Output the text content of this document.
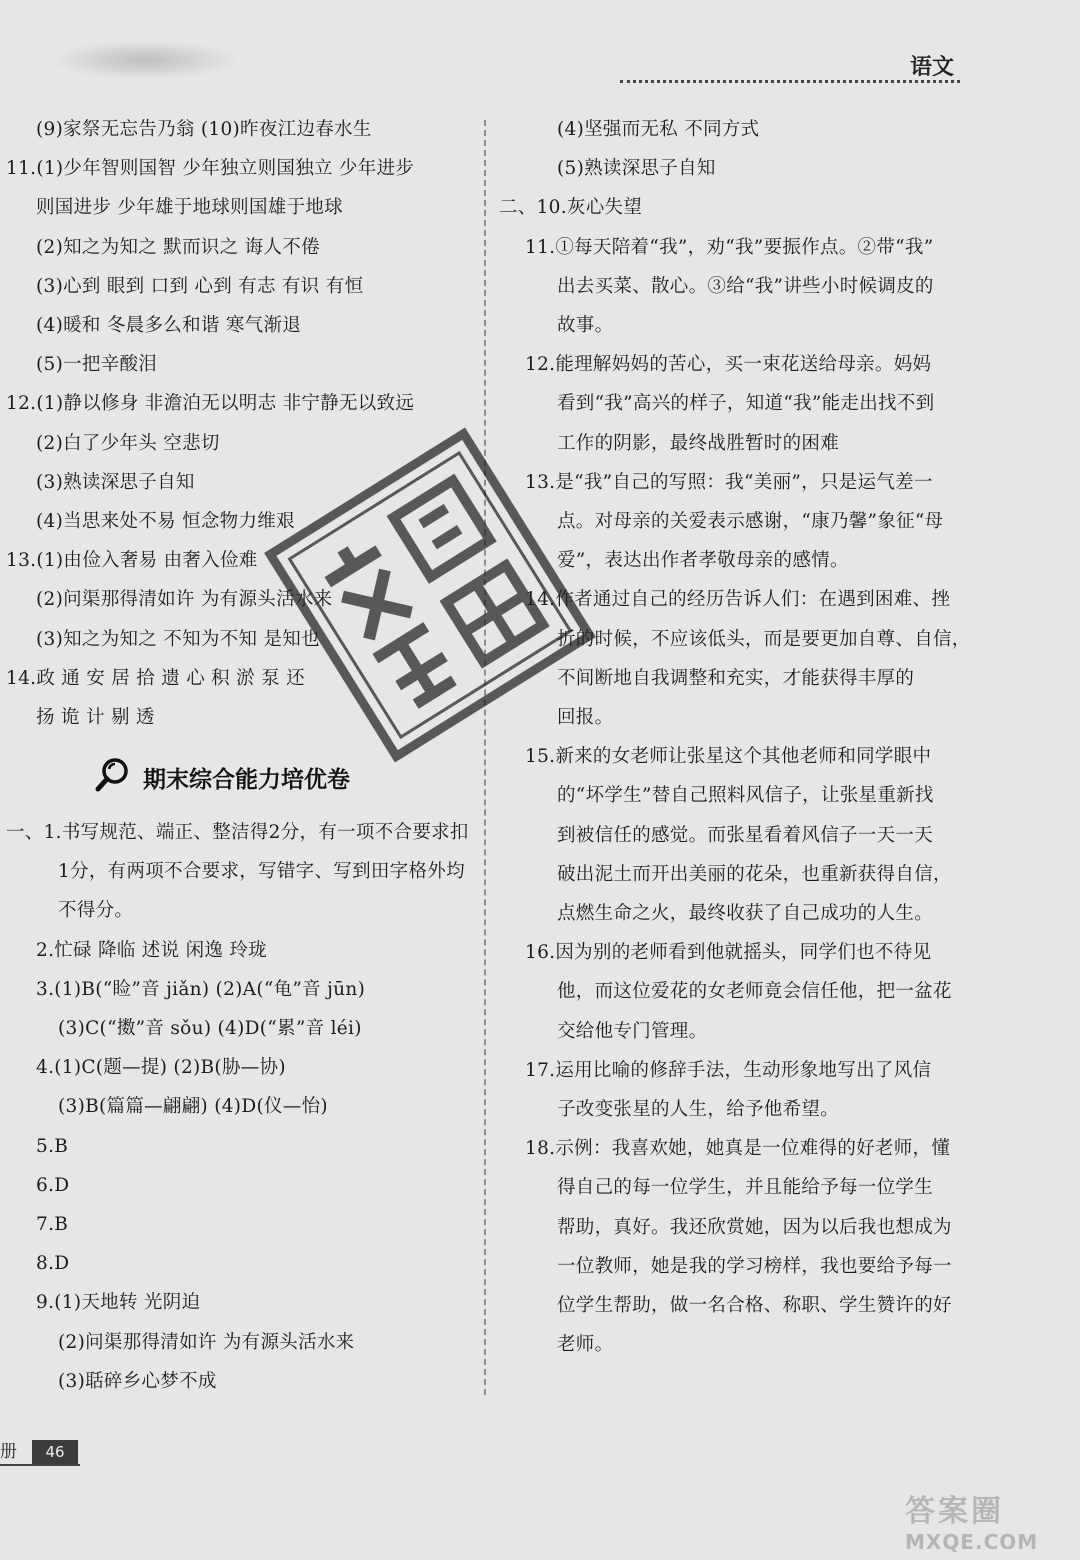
语文
(9)家祭无忘告乃翁 (10)昨夜江边春水生
11.(1)少年智则国智 少年独立则国独立 少年进步
则国进步 少年雄于地球则国雄于地球
(2)知之为知之 默而识之 诲人不倦
(3)心到 眼到 口到 心到 有志 有识 有恒
(4)暖和 冬晨多么和谐 寒气渐退
(5)一把辛酸泪
12.(1)静以修身 非澹泊无以明志 非宁静无以致远
(2)白了少年头 空悲切
(3)熟读深思子自知
(4)当思来处不易 恒念物力维艰
13.(1)由俭入奢易 由奢入俭难
(2)问渠那得清如许 为有源头活水来
(3)知之为知之 不知为不知 是知也
14.政 通 安 居 拾 遗 心 积 淤 泵 还
扬 诡 计 剔 透
期末综合能力培优卷
一、1.书写规范、端正、整洁得2分，有一项不合要求扣
1分，有两项不合要求，写错字、写到田字格外均
不得分。
2.忙碌 降临 述说 闲逸 玲珑
3.(1)B(“睑”音 jiǎn) (2)A(“龟”音 jūn)
(3)C(“擞”音 sǒu) (4)D(“累”音 léi)
4.(1)C(题—提) (2)B(胁—协)
(3)B(篇篇—翩翩) (4)D(仪—怡)
5.B
6.D
7.B
8.D
9.(1)天地转 光阴迫
(2)问渠那得清如许 为有源头活水来
(3)聒碎乡心梦不成
(4)坚强而无私 不同方式
(5)熟读深思子自知
二、10.灰心失望
11.①每天陪着“我”，劝“我”要振作点。②带“我”
出去买菜、散心。③给“我”讲些小时候调皮的
故事。
12.能理解妈妈的苦心，买一束花送给母亲。妈妈
看到“我”高兴的样子，知道“我”能走出找不到
工作的阴影，最终战胜暂时的困难
13.是“我”自己的写照：我“美丽”，只是运气差一
点。对母亲的关爱表示感谢，“康乃馨”象征“母
爱”，表达出作者孝敬母亲的感情。
14.作者通过自己的经历告诉人们：在遇到困难、挫
折的时候，不应该低头，而是要更加自尊、自信，
不间断地自我调整和充实，才能获得丰厚的
回报。
15.新来的女老师让张星这个其他老师和同学眼中
的“坏学生”替自己照料风信子，让张星重新找
到被信任的感觉。而张星看着风信子一天一天
破出泥土而开出美丽的花朵，也重新获得自信，
点燃生命之火，最终收获了自己成功的人生。
16.因为别的老师看到他就摇头，同学们也不待见
他，而这位爱花的女老师竟会信任他，把一盆花
交给他专门管理。
17.运用比喻的修辞手法，生动形象地写出了风信
子改变张星的人生，给予他希望。
18.示例：我喜欢她，她真是一位难得的好老师，懂
得自己的每一位学生，并且能给予每一位学生
帮助，真好。我还欣赏她，因为以后我也想成为
一位教师，她是我的学习榜样，我也要给予每一
位学生帮助，做一名合格、称职、学生赞许的好
老师。
册	46
答案圈
MXQE.COM
